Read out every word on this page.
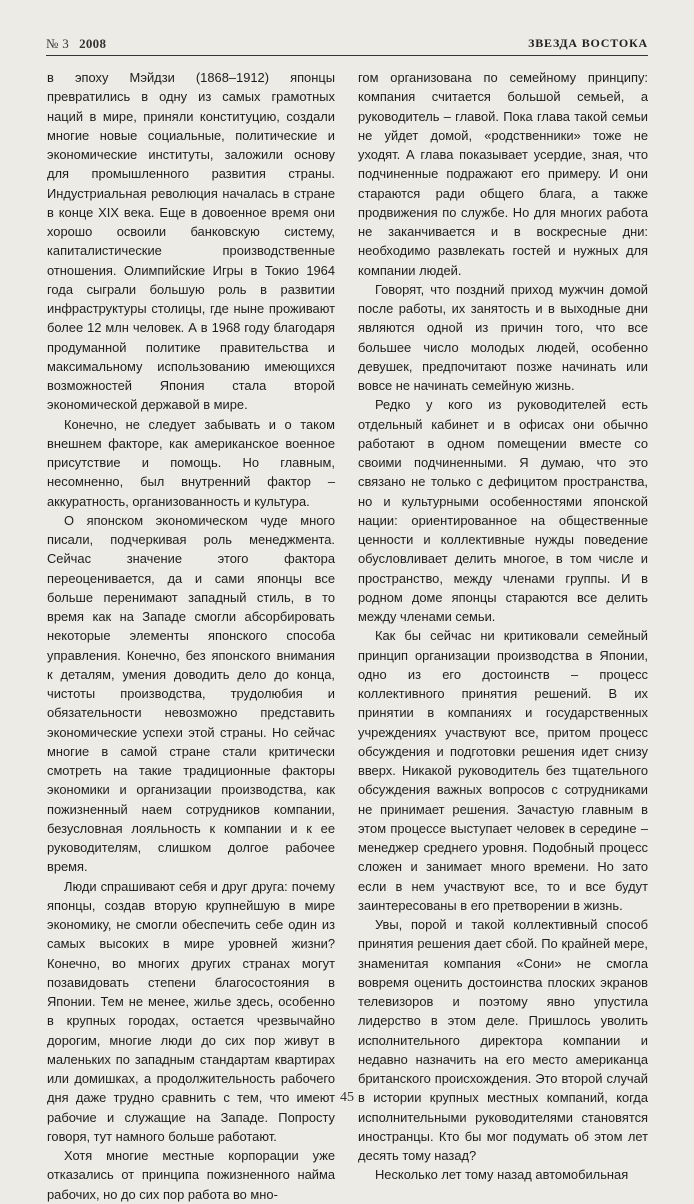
№ 3 2008	ЗВЕЗДА ВОСТОКА

в эпоху Мэйдзи (1868–1912) японцы превратились в одну из самых грамотных наций в мире, приняли конституцию, создали многие новые социальные, политические и экономические институты, заложили основу для промышленного развития страны. Индустриальная революция началась в стране в конце XIX века. Еще в довоенное время они хорошо освоили банковскую систему, капиталистические производственные отношения. Олимпийские Игры в Токио 1964 года сыграли большую роль в развитии инфраструктуры столицы, где ныне проживают более 12 млн человек. А в 1968 году благодаря продуманной политике правительства и максимальному использованию имеющихся возможностей Япония стала второй экономической державой в мире.

Конечно, не следует забывать и о таком внешнем факторе, как американское военное присутствие и помощь. Но главным, несомненно, был внутренний фактор – аккуратность, организованность и культура.

О японском экономическом чуде много писали, подчеркивая роль менеджмента. Сейчас значение этого фактора переоценивается, да и сами японцы все больше перенимают западный стиль, в то время как на Западе смогли абсорбировать некоторые элементы японского способа управления. Конечно, без японского внимания к деталям, умения доводить дело до конца, чистоты производства, трудолюбия и обязательности невозможно представить экономические успехи этой страны. Но сейчас многие в самой стране стали критически смотреть на такие традиционные факторы экономики и организации производства, как пожизненный наем сотрудников компании, безусловная лояльность к компании и к ее руководителям, слишком долгое рабочее время.

Люди спрашивают себя и друг друга: почему японцы, создав вторую крупнейшую в мире экономику, не смогли обеспечить себе один из самых высоких в мире уровней жизни? Конечно, во многих других странах могут позавидовать степени благосостояния в Японии. Тем не менее, жилье здесь, особенно в крупных городах, остается чрезвычайно дорогим, многие люди до сих пор живут в маленьких по западным стандартам квартирах или домишках, а продолжительность рабочего дня даже трудно сравнить с тем, что имеют рабочие и служащие на Западе. Попросту говоря, тут намного больше работают.

Хотя многие местные корпорации уже отказались от принципа пожизненного найма рабочих, но до сих пор работа во мно-

гом организована по семейному принципу: компания считается большой семьей, а руководитель – главой. Пока глава такой семьи не уйдет домой, «родственники» тоже не уходят. А глава показывает усердие, зная, что подчиненные подражают его примеру. И они стараются ради общего блага, а также продвижения по службе. Но для многих работа не заканчивается и в воскресные дни: необходимо развлекать гостей и нужных для компании людей.

Говорят, что поздний приход мужчин домой после работы, их занятость и в выходные дни являются одной из причин того, что все большее число молодых людей, особенно девушек, предпочитают позже начинать или вовсе не начинать семейную жизнь.

Редко у кого из руководителей есть отдельный кабинет и в офисах они обычно работают в одном помещении вместе со своими подчиненными. Я думаю, что это связано не только с дефицитом пространства, но и культурными особенностями японской нации: ориентированное на общественные ценности и коллективные нужды поведение обусловливает делить многое, в том числе и пространство, между членами группы. И в родном доме японцы стараются все делить между членами семьи.

Как бы сейчас ни критиковали семейный принцип организации производства в Японии, одно из его достоинств – процесс коллективного принятия решений. В их принятии в компаниях и государственных учреждениях участвуют все, притом процесс обсуждения и подготовки решения идет снизу вверх. Никакой руководитель без тщательного обсуждения важных вопросов с сотрудниками не принимает решения. Зачастую главным в этом процессе выступает человек в середине – менеджер среднего уровня. Подобный процесс сложен и занимает много времени. Но зато если в нем участвуют все, то и все будут заинтересованы в его претворении в жизнь.

Увы, порой и такой коллективный способ принятия решения дает сбой. По крайней мере, знаменитая компания «Сони» не смогла вовремя оценить достоинства плоских экранов телевизоров и поэтому явно упустила лидерство в этом деле. Пришлось уволить исполнительного директора компании и недавно назначить на его место американца британского происхождения. Это второй случай в истории крупных местных компаний, когда исполнительными руководителями становятся иностранцы. Кто бы мог подумать об этом лет десять тому назад?

Несколько лет тому назад автомобильная

45
